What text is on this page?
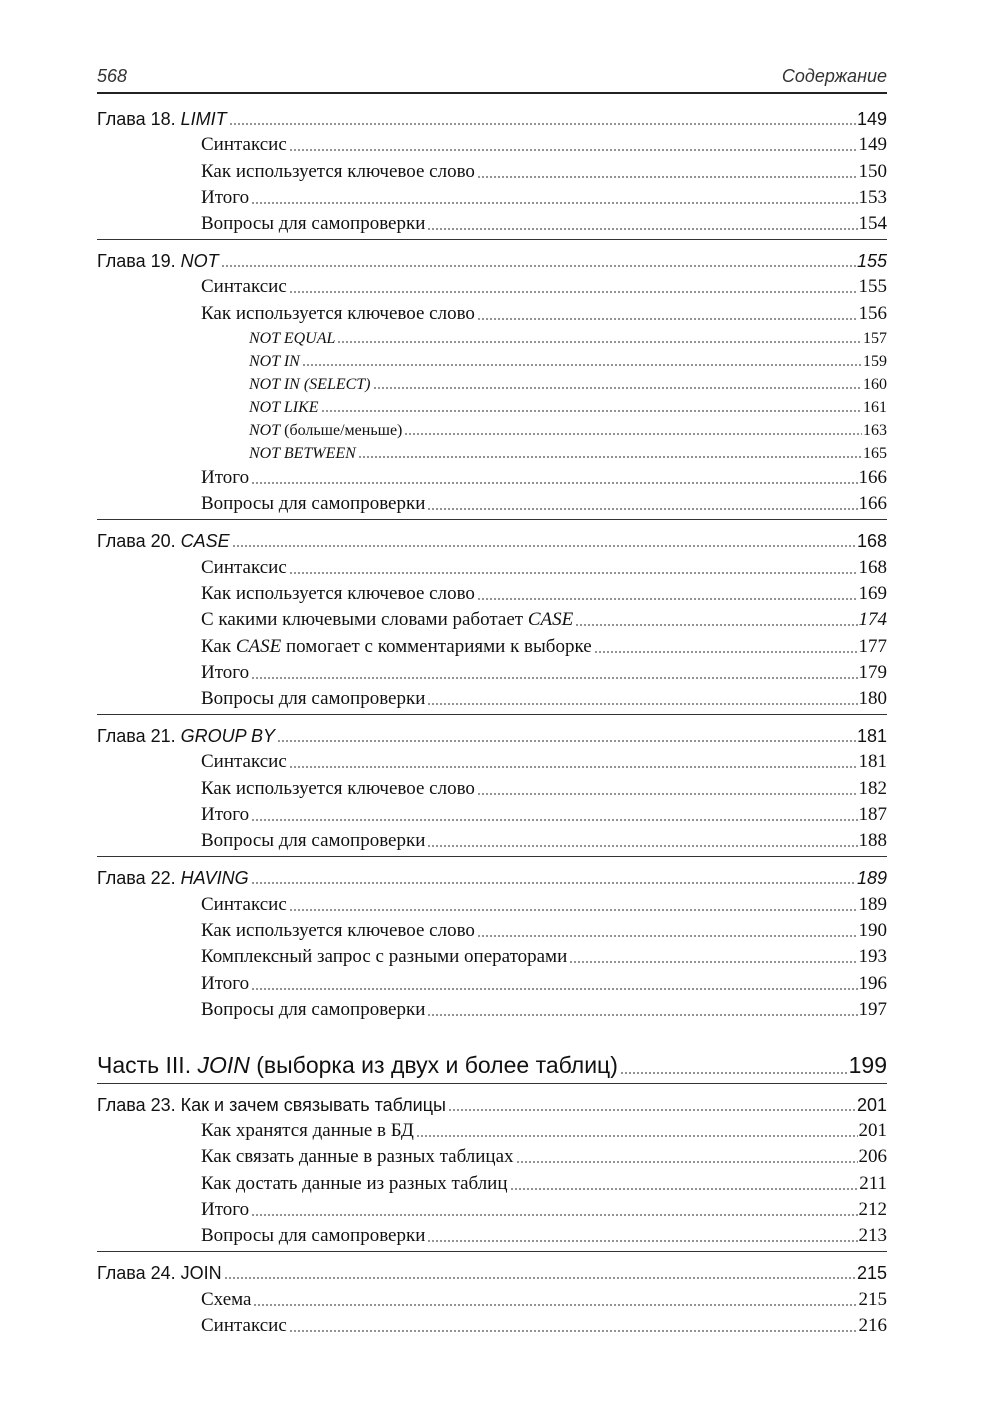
568	Содержание
Глава 18. LIMIT	149
Синтаксис	149
Как используется ключевое слово	150
Итого	153
Вопросы для самопроверки	154
Глава 19. NOT	155
Синтаксис	155
Как используется ключевое слово	156
NOT EQUAL	157
NOT IN	159
NOT IN (SELECT)	160
NOT LIKE	161
NOT (больше/меньше)	163
NOT BETWEEN	165
Итого	166
Вопросы для самопроверки	166
Глава 20. CASE	168
Синтаксис	168
Как используется ключевое слово	169
С какими ключевыми словами работает CASE	174
Как CASE помогает с комментариями к выборке	177
Итого	179
Вопросы для самопроверки	180
Глава 21. GROUP BY	181
Синтаксис	181
Как используется ключевое слово	182
Итого	187
Вопросы для самопроверки	188
Глава 22. HAVING	189
Синтаксис	189
Как используется ключевое слово	190
Комплексный запрос с разными операторами	193
Итого	196
Вопросы для самопроверки	197
Часть III. JOIN (выборка из двух и более таблиц)	199
Глава 23. Как и зачем связывать таблицы	201
Как хранятся данные в БД	201
Как связать данные в разных таблицах	206
Как достать данные из разных таблиц	211
Итого	212
Вопросы для самопроверки	213
Глава 24. JOIN	215
Схема	215
Синтаксис	216
